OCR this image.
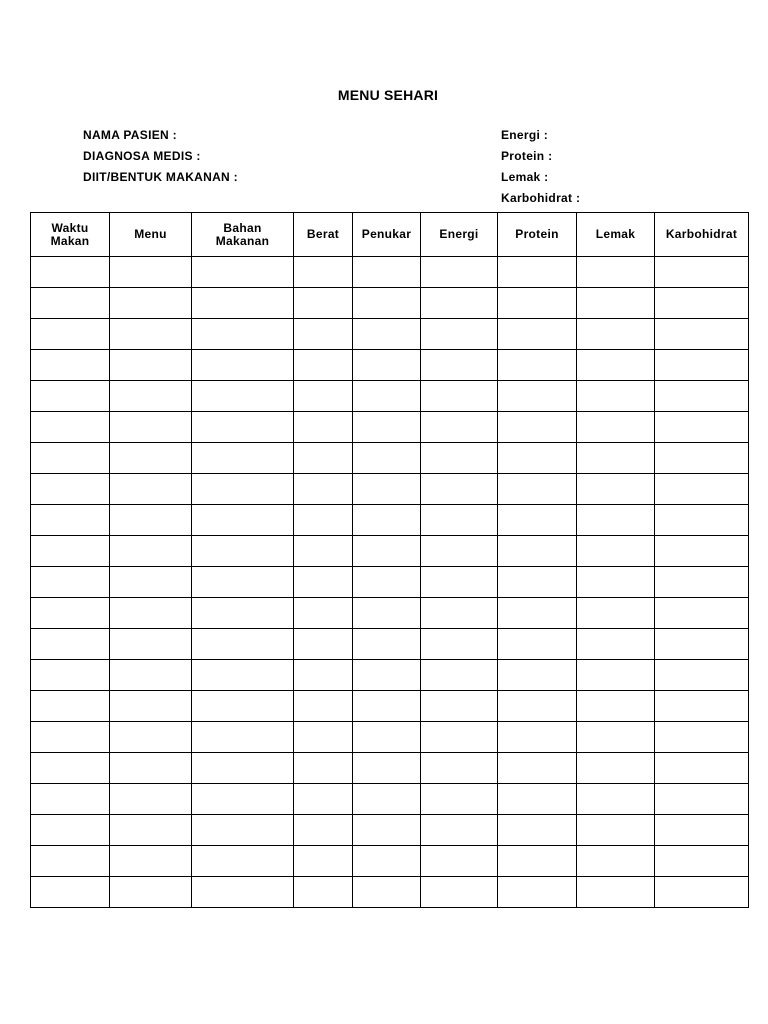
MENU SEHARI
NAMA PASIEN :
DIAGNOSA MEDIS :
DIIT/BENTUK MAKANAN :
Energi :
Protein :
Lemak :
Karbohidrat :
Waktu Makan	Menu	Bahan Makanan	Berat	Penukar	Energi	Protein	Lemak	Karbohidrat
